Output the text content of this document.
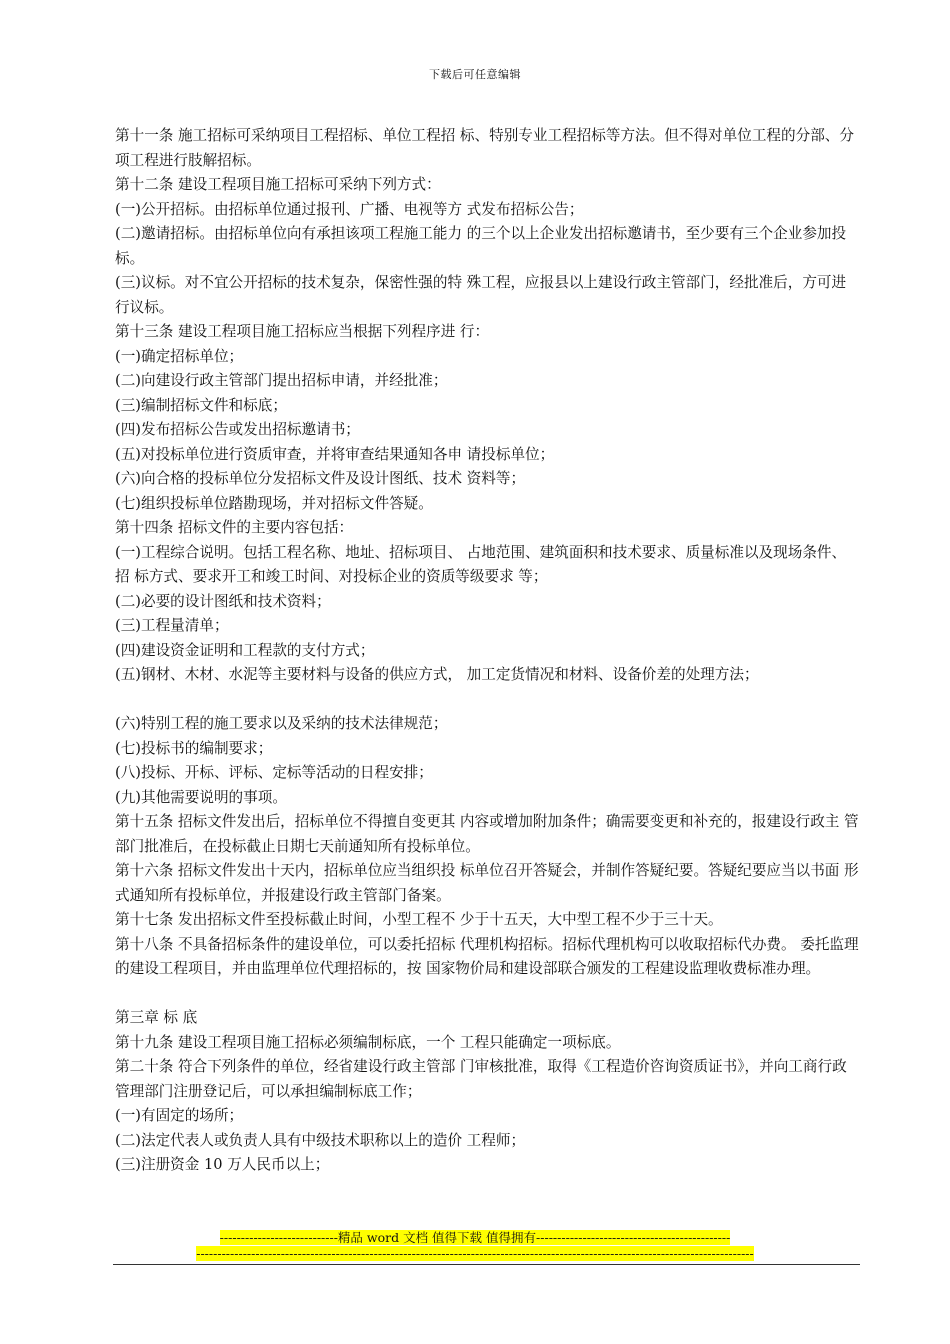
下载后可任意编辑

第十一条 施工招标可采纳项目工程招标、单位工程招 标、特别专业工程招标等方法。但不得对单位工程的分部、分 项工程进行肢解招标。

第十二条 建设工程项目施工招标可采纳下列方式：

(一)公开招标。由招标单位通过报刊、广播、电视等方 式发布招标公告；

(二)邀请招标。由招标单位向有承担该项工程施工能力 的三个以上企业发出招标邀请书，至少要有三个企业参加投 标。

(三)议标。对不宜公开招标的技术复杂，保密性强的特 殊工程，应报县以上建设行政主管部门，经批准后，方可进 行议标。

第十三条 建设工程项目施工招标应当根据下列程序进 行：

(一)确定招标单位；

(二)向建设行政主管部门提出招标申请，并经批准；

(三)编制招标文件和标底；

(四)发布招标公告或发出招标邀请书；

(五)对投标单位进行资质审查，并将审查结果通知各申 请投标单位；

(六)向合格的投标单位分发招标文件及设计图纸、技术 资料等；

(七)组织投标单位踏勘现场，并对招标文件答疑。

第十四条 招标文件的主要内容包括：

(一)工程综合说明。包括工程名称、地址、招标项目、 占地范围、建筑面积和技术要求、质量标准以及现场条件、招 标方式、要求开工和竣工时间、对投标企业的资质等级要求 等；

(二)必要的设计图纸和技术资料；

(三)工程量清单；

(四)建设资金证明和工程款的支付方式；

(五)钢材、木材、水泥等主要材料与设备的供应方式， 加工定货情况和材料、设备价差的处理方法；

(六)特别工程的施工要求以及采纳的技术法律规范；

(七)投标书的编制要求；

(八)投标、开标、评标、定标等活动的日程安排；

(九)其他需要说明的事项。

第十五条 招标文件发出后，招标单位不得擅自变更其 内容或增加附加条件；确需要变更和补充的，报建设行政主 管部门批准后，在投标截止日期七天前通知所有投标单位。

第十六条 招标文件发出十天内，招标单位应当组织投 标单位召开答疑会，并制作答疑纪要。答疑纪要应当以书面 形式通知所有投标单位，并报建设行政主管部门备案。

第十七条 发出招标文件至投标截止时间，小型工程不 少于十五天，大中型工程不少于三十天。

第十八条 不具备招标条件的建设单位，可以委托招标 代理机构招标。招标代理机构可以收取招标代办费。 委托监理的建设工程项目，并由监理单位代理招标的，按 国家物价局和建设部联合颁发的工程建设监理收费标准办理。

第三章 标 底

第十九条 建设工程项目施工招标必须编制标底，一个 工程只能确定一项标底。

第二十条 符合下列条件的单位，经省建设行政主管部 门审核批准，取得《工程造价咨询资质证书》，并向工商行政 管理部门注册登记后，可以承担编制标底工作；

(一)有固定的场所；

(二)法定代表人或负责人具有中级技术职称以上的造价 工程师；

(三)注册资金 10 万人民币以上；

----------------------------精品 word 文档 值得下载 值得拥有----------------------------------------------
------------------------------------------------------------------------------------------------------------------------------------
